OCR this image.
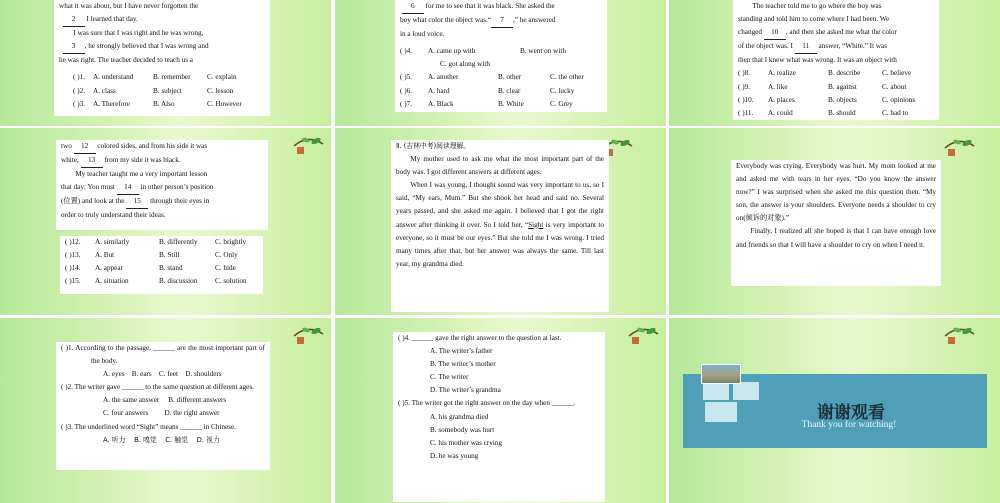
what it was about, but I have never forgotten the

2 I learned that day.

I was sure that I was right and he was wrong,

3 , he strongly believed that I was wrong and

he was right. The teacher decided to teach us a

( )1.	A. understand	B. remember	C. explain
( )2.	A. class	B. subject	C. lesson
( )3.	A. Therefore	B. Also	C. However

6 for me to see that it was black. She asked the

boy what color the object was.“ 7 ,” he answered

in a loud voice.

( )4.	A. came up with	B. went on with
C. got along with
( )5.	A. another	B. other	C. the other
( )6.	A. hard	B. clear	C. lucky
( )7.	A. Black	B. White	C. Grey

The teacher told me to go where the boy was

standing and told him to come where I had been. We

changed 10 , and then she asked me what the color

of the object was. I 11 answer, “White.” It was

then that I knew what was wrong. It was an object with

( )8.	A. realize	B. describe	C. believe
( )9.	A. like	B. against	C. about
( )10.	A. places	B. objects	C. opinions
( )11.	A. could	B. should	C. had to

two 12 colored sides, and from his side it was

white, 13 from my side it was black.

My teacher taught me a very important lesson

that day: You must 14 in other person’s position

(位置) and look at the 15 through their eyes in

order to truly understand their ideas.

( )12.	A. similarly	B. differently	C. brightly
( )13.	A. But	B. Still	C. Only
( )14.	A. appear	B. stand	C. hide
( )15.	A. situation	B. discussion	C. solution

Ⅱ. (吉林中考)阅读理解。

My mother used to ask me what the most important part of the body was. I got different answers at different ages.

When I was young, I thought sound was very important to us, so I said, “My ears, Mum.” But she shook her head and said no. Several years passed, and she asked me again. I believed that I got the right answer after thinking it over. So I told her, “Sight is very important to everyone, so it must be our eyes.” But she told me I was wrong. I tried many times after that, but her answer was always the same. Till last year, my grandma died.

Everybody was crying. Everybody was hurt. My mom looked at me and asked me with tears in her eyes, “Do you know the answer now?” I was surprised when she asked me this question then. “My son, the answer is your shoulders. Everyone needs a shoulder to cry on(倾诉的对象).”

Finally, I realized all she hoped is that I can have enough love and friends so that I will have a shoulder to cry on when I need it.

( )1. According to the passage, ______ are the most important part of the body.

A. eyes    B. ears    C. feet    D. shoulders

( )2. The writer gave ______ to the same question at different ages.

A. the same answer     B. different answers

C. four answers         D. the right answer

( )3. The underlined word “Sight” means ______ in Chinese.

A. 听力    B. 嗅觉    C. 触觉    D. 视力

( )4. ______ gave the right answer to the question at last.

A. The writer’s father

B. The writer’s mother

C. The writer

D. The writer’s grandma

( )5. The writer got the right answer on the day when ______.

A. his grandma died

B. somebody was hurt

C. his mother was crying

D. he was young

谢谢观看
Thank you for watching!
